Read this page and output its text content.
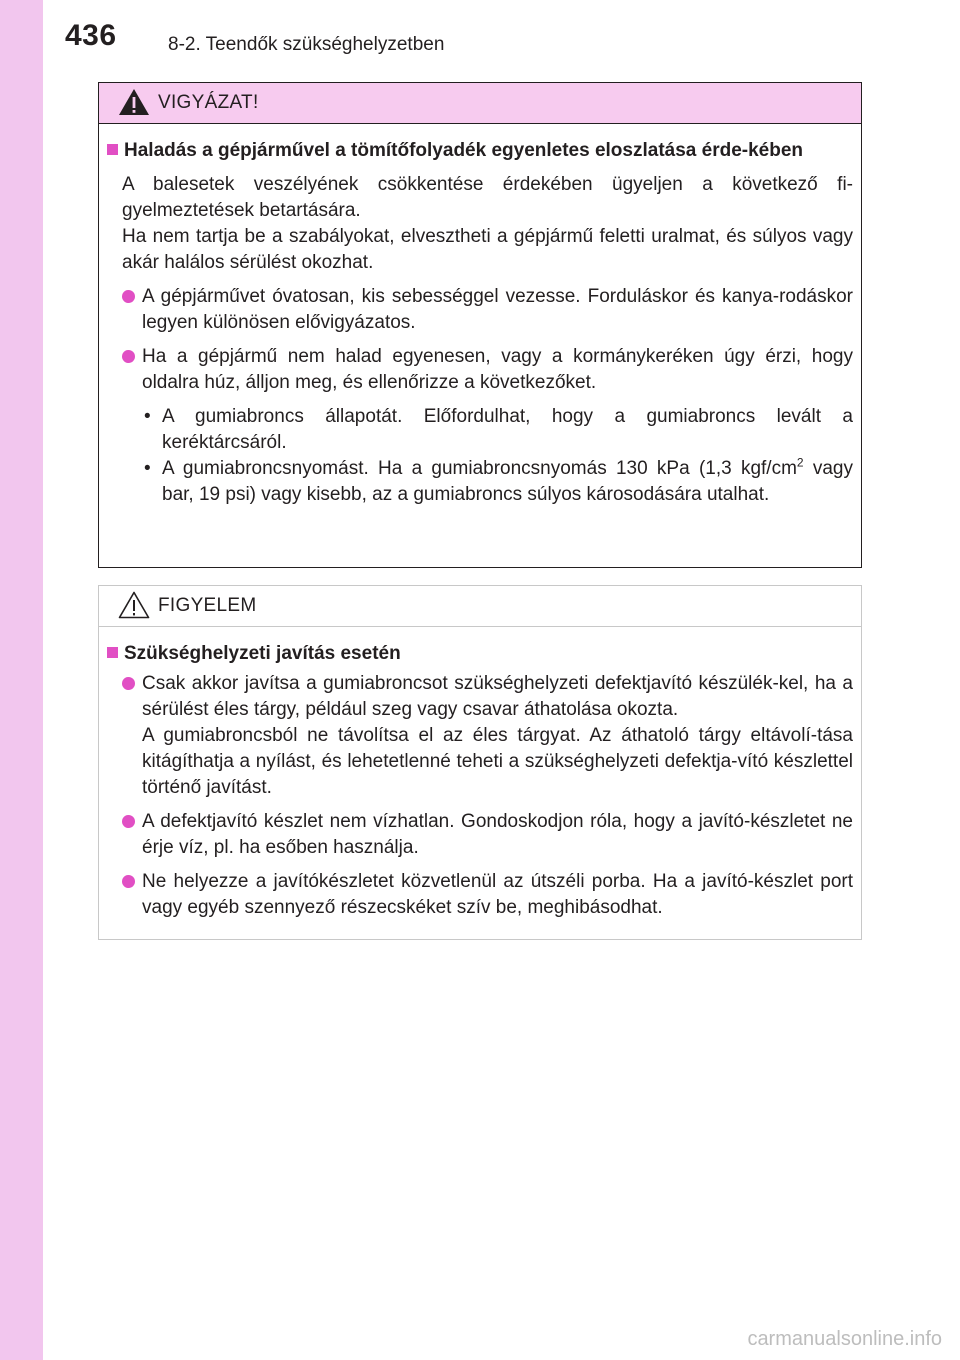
436	8-2. Teendők szükséghelyzetben
VIGYÁZAT!

Haladás a gépjárművel a tömítőfolyadék egyenletes eloszlatása érde-kében

A balesetek veszélyének csökkentése érdekében ügyeljen a következő fi-gyelmeztetések betartására.

Ha nem tartja be a szabályokat, elvesztheti a gépjármű feletti uralmat, és súlyos vagy akár halálos sérülést okozhat.

A gépjárművet óvatosan, kis sebességgel vezesse. Forduláskor és kanya-rodáskor legyen különösen elővigyázatos.
Ha a gépjármű nem halad egyenesen, vagy a kormánykeréken úgy érzi, hogy oldalra húz, álljon meg, és ellenőrizze a következőket.
• A gumiabroncs állapotát. Előfordulhat, hogy a gumiabroncs levált a keréktárcsáról.
• A gumiabroncsnyomást. Ha a gumiabroncsnyomás 130 kPa (1,3 kgf/$cm^2$ vagy bar, 19 psi) vagy kisebb, az a gumiabroncs súlyos károsodására utalhat.
FIGYELEM

Szükséghelyzeti javítás esetén

Csak akkor javítsa a gumiabroncsot szükséghelyzeti defektjavító készülék-kel, ha a sérülést éles tárgy, például szeg vagy csavar áthatolása okozta.

A gumiabroncsból ne távolítsa el az éles tárgyat. Az áthatoló tárgy eltávolí-tása kitágíthatja a nyílást, és lehetetlenné teheti a szükséghelyzeti defektja-vító készlettel történő javítást.

A defektjavító készlet nem vízhatlan. Gondoskodjon róla, hogy a javító-készletet ne érje víz, pl. ha esőben használja.
Ne helyezze a javítókészletet közvetlenül az útszéli porba. Ha a javító-készlet port vagy egyéb szennyező részecskéket szív be, meghibásodhat.
carmanualsonline.info
